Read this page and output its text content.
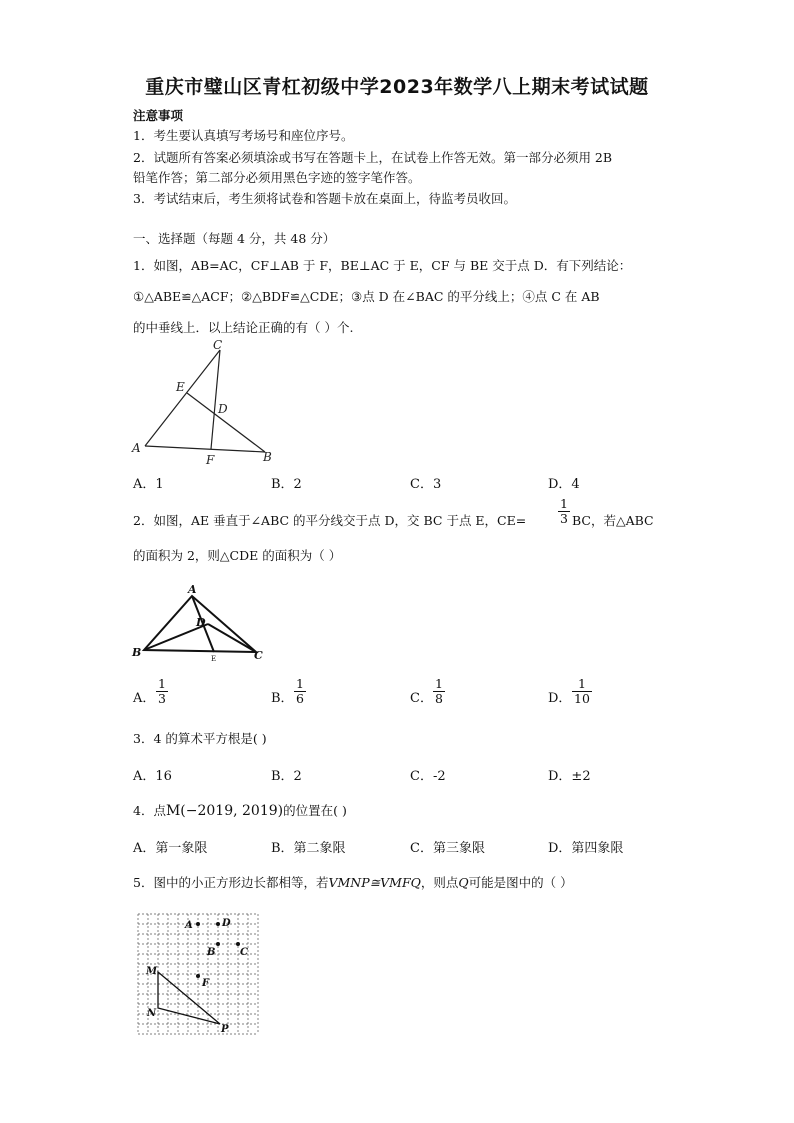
重庆市璧山区青杠初级中学2023年数学八上期末考试试题
注意事项
1．考生要认真填写考场号和座位序号。
2．试题所有答案必须填涂或书写在答题卡上，在试卷上作答无效。第一部分必须用 2B
铅笔作答；第二部分必须用黑色字迹的签字笔作答。
3．考试结束后，考生须将试卷和答题卡放在桌面上，待监考员收回。
一、选择题（每题 4 分，共 48 分）
1．如图，AB=AC，CF⊥AB 于 F，BE⊥AC 于 E，CF 与 BE 交于点 D．有下列结论：
①△ABE≌△ACF；②△BDF≌△CDE；③点 D 在∠BAC 的平分线上；④点 C 在 AB
的中垂线上．以上结论正确的有（ ）个.
C
E
D
A
F	B
A．1	B．2	C．3	D．4
2．如图，AE 垂直于∠ABC 的平分线交于点 D，交 BC 于点 E，CE=	$\frac{1}{3}$ BC，若△ABC
的面积为 2，则△CDE 的面积为（ ）
A
D
B	C
E
A． $\frac{1}{3}$	B． $\frac{1}{6}$	C． $\frac{1}{8}$	D． $\frac{1}{10}$
3．4 的算术平方根是( )
A．16	B．2	C．-2	D．±2
4．点M(−2019, 2019)的位置在( )
A．第一象限	B．第二象限	C．第三象限	D．第四象限
5．图中的小正方形边长都相等，若VMNP≅VMFQ，则点Q可能是图中的（ ）
A	D
B C
M
F
N
P
